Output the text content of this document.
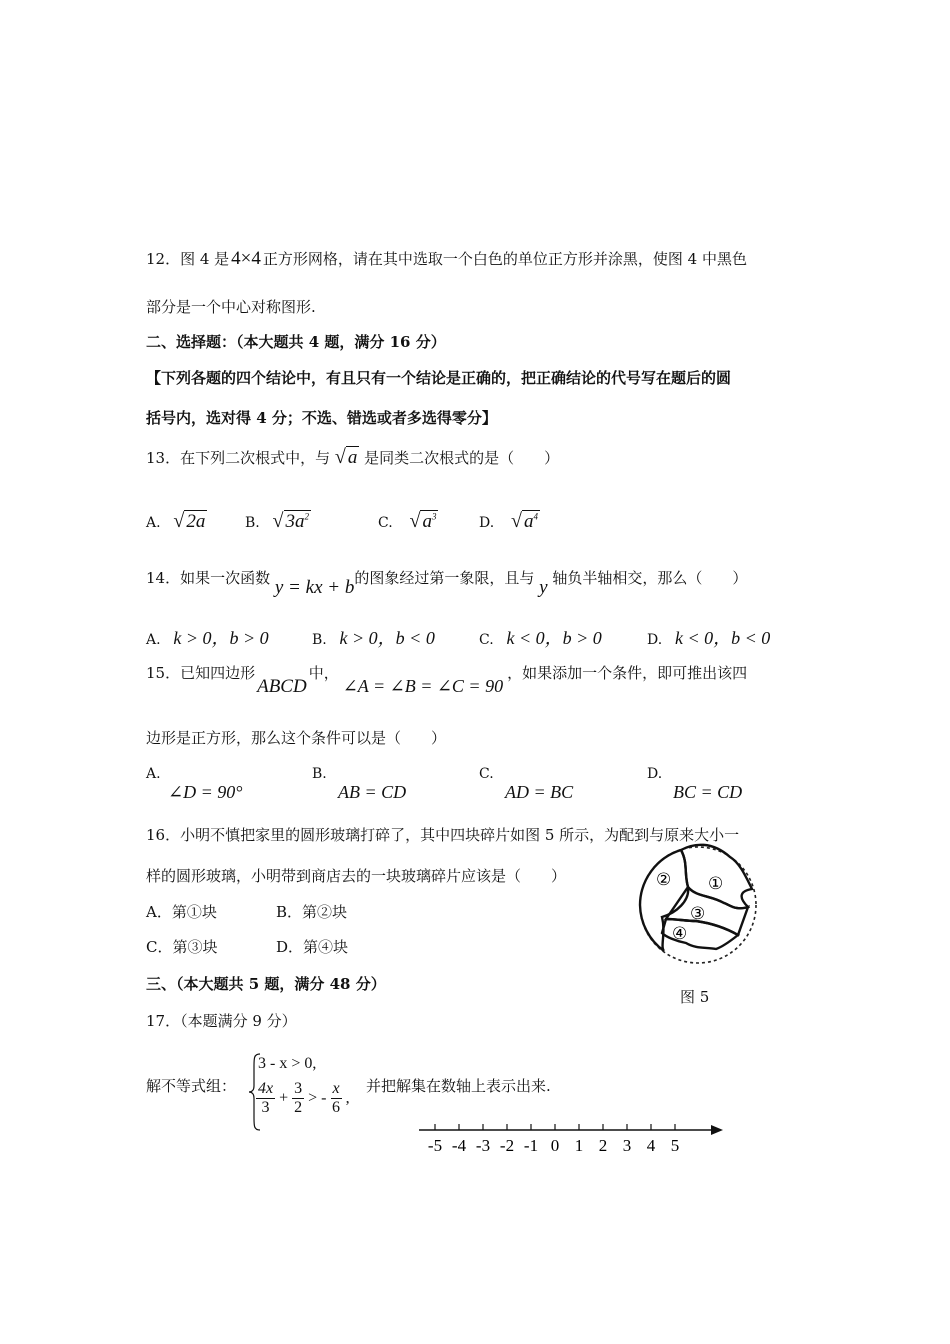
12．图 4 是 4×4 正方形网格，请在其中选取一个白色的单位正方形并涂黑，使图 4 中黑色
部分是一个中心对称图形.
二、选择题：（本大题共 4 题，满分 16 分）
【下列各题的四个结论中，有且只有一个结论是正确的，把正确结论的代号写在题后的圆
括号内，选对得 4 分；不选、错选或者多选得零分】
13．在下列二次根式中，与 √ a 是同类二次根式的是（　　）
A. √ 2a	B. √ $3a^2$	C. √ $a^3$	D. √ $a^4$
14．如果一次函数 y = kx + b的图象经过第一象限，且与 y 轴负半轴相交，那么（　　）
A. k > 0，b > 0	B. k > 0，b < 0	C. k < 0，b > 0	D. k < 0，b < 0
15．已知四边形ABCD中，∠A = ∠B = ∠C = 90，如果添加一个条件，即可推出该四
边形是正方形，那么这个条件可以是（　　）
A.
∠D = 90°
B.
AB = CD
C.
AD = BC
D.
BC = CD
16．小明不慎把家里的圆形玻璃打碎了，其中四块碎片如图 5 所示，为配到与原来大小一
样的圆形玻璃，小明带到商店去的一块玻璃碎片应该是（　　）
A．第①块	B．第②块
C．第③块	D．第④块
② ①
③
④
图 5
三、（本大题共 5 题，满分 48 分）
17．（本题满分 9 分）
解不等式组：
3 - x > 0,
$\frac{4x}{3} + \frac{3}{2}$ > - $\frac{x}{6}$ ,
并把解集在数轴上表示出来.
-5 -4 -3 -2 -1 0 1 2 3 4 5
